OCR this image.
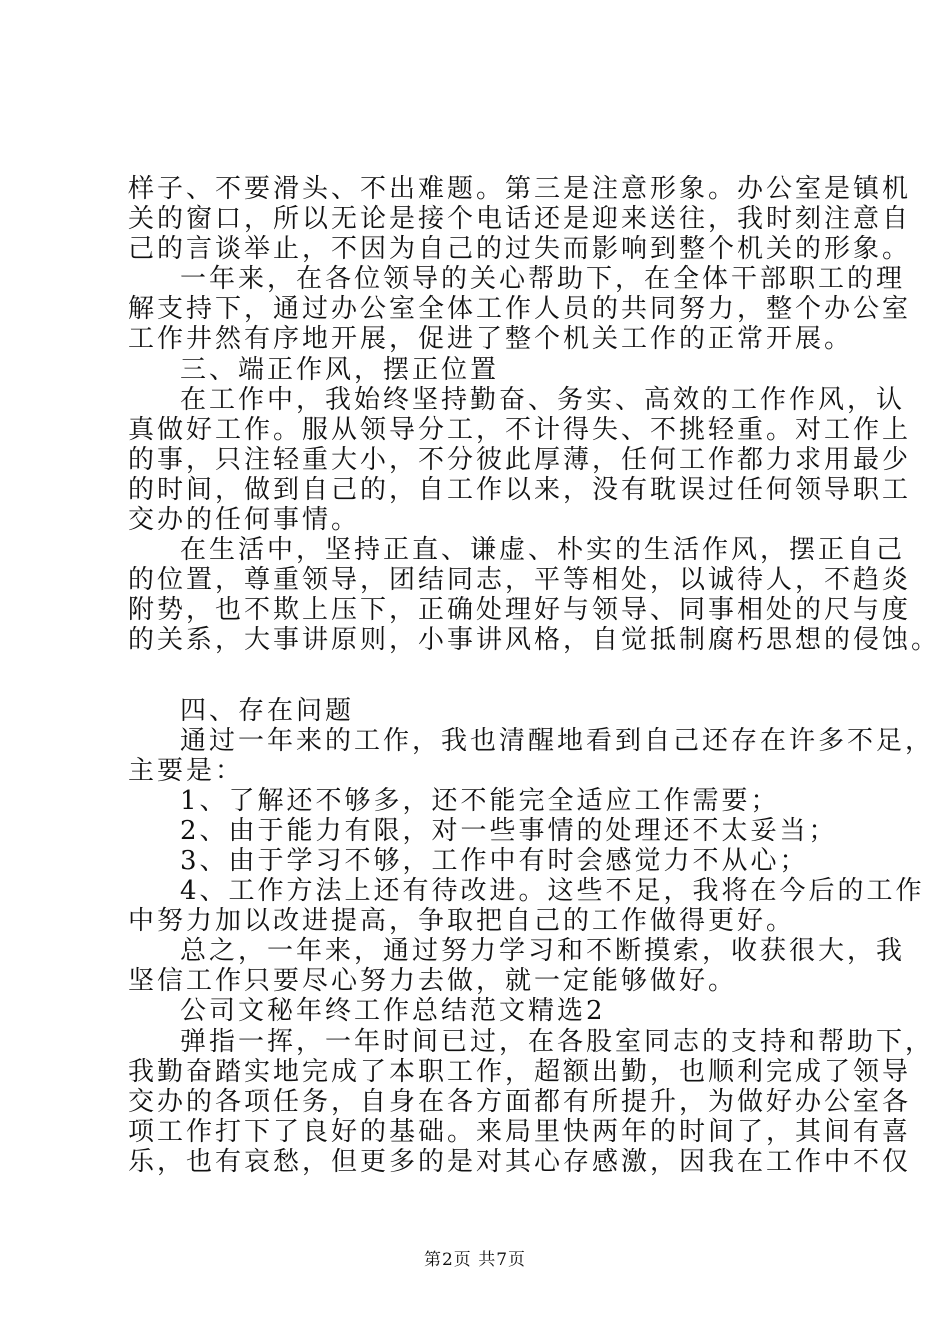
样子、不要滑头、不出难题。第三是注意形象。办公室是镇机
关的窗口，所以无论是接个电话还是迎来送往，我时刻注意自
己的言谈举止，不因为自己的过失而影响到整个机关的形象。
一年来，在各位领导的关心帮助下，在全体干部职工的理
解支持下，通过办公室全体工作人员的共同努力，整个办公室
工作井然有序地开展，促进了整个机关工作的正常开展。
三、端正作风，摆正位置
在工作中，我始终坚持勤奋、务实、高效的工作作风，认
真做好工作。服从领导分工，不计得失、不挑轻重。对工作上
的事，只注轻重大小，不分彼此厚薄，任何工作都力求用最少
的时间，做到自己的，自工作以来，没有耽误过任何领导职工
交办的任何事情。
在生活中，坚持正直、谦虚、朴实的生活作风，摆正自己
的位置，尊重领导，团结同志，平等相处，以诚待人，不趋炎
附势，也不欺上压下，正确处理好与领导、同事相处的尺与度
的关系，大事讲原则，小事讲风格，自觉抵制腐朽思想的侵蚀。
四、存在问题
通过一年来的工作，我也清醒地看到自己还存在许多不足，
主要是：
1、了解还不够多，还不能完全适应工作需要；
2、由于能力有限，对一些事情的处理还不太妥当；
3、由于学习不够，工作中有时会感觉力不从心；
4、工作方法上还有待改进。这些不足，我将在今后的工作
中努力加以改进提高，争取把自己的工作做得更好。
总之，一年来，通过努力学习和不断摸索，收获很大，我
坚信工作只要尽心努力去做，就一定能够做好。
公司文秘年终工作总结范文精选2
弹指一挥，一年时间已过，在各股室同志的支持和帮助下，
我勤奋踏实地完成了本职工作，超额出勤，也顺利完成了领导
交办的各项任务，自身在各方面都有所提升，为做好办公室各
项工作打下了良好的基础。来局里快两年的时间了，其间有喜
乐，也有哀愁，但更多的是对其心存感激，因我在工作中不仅
第2页 共7页
